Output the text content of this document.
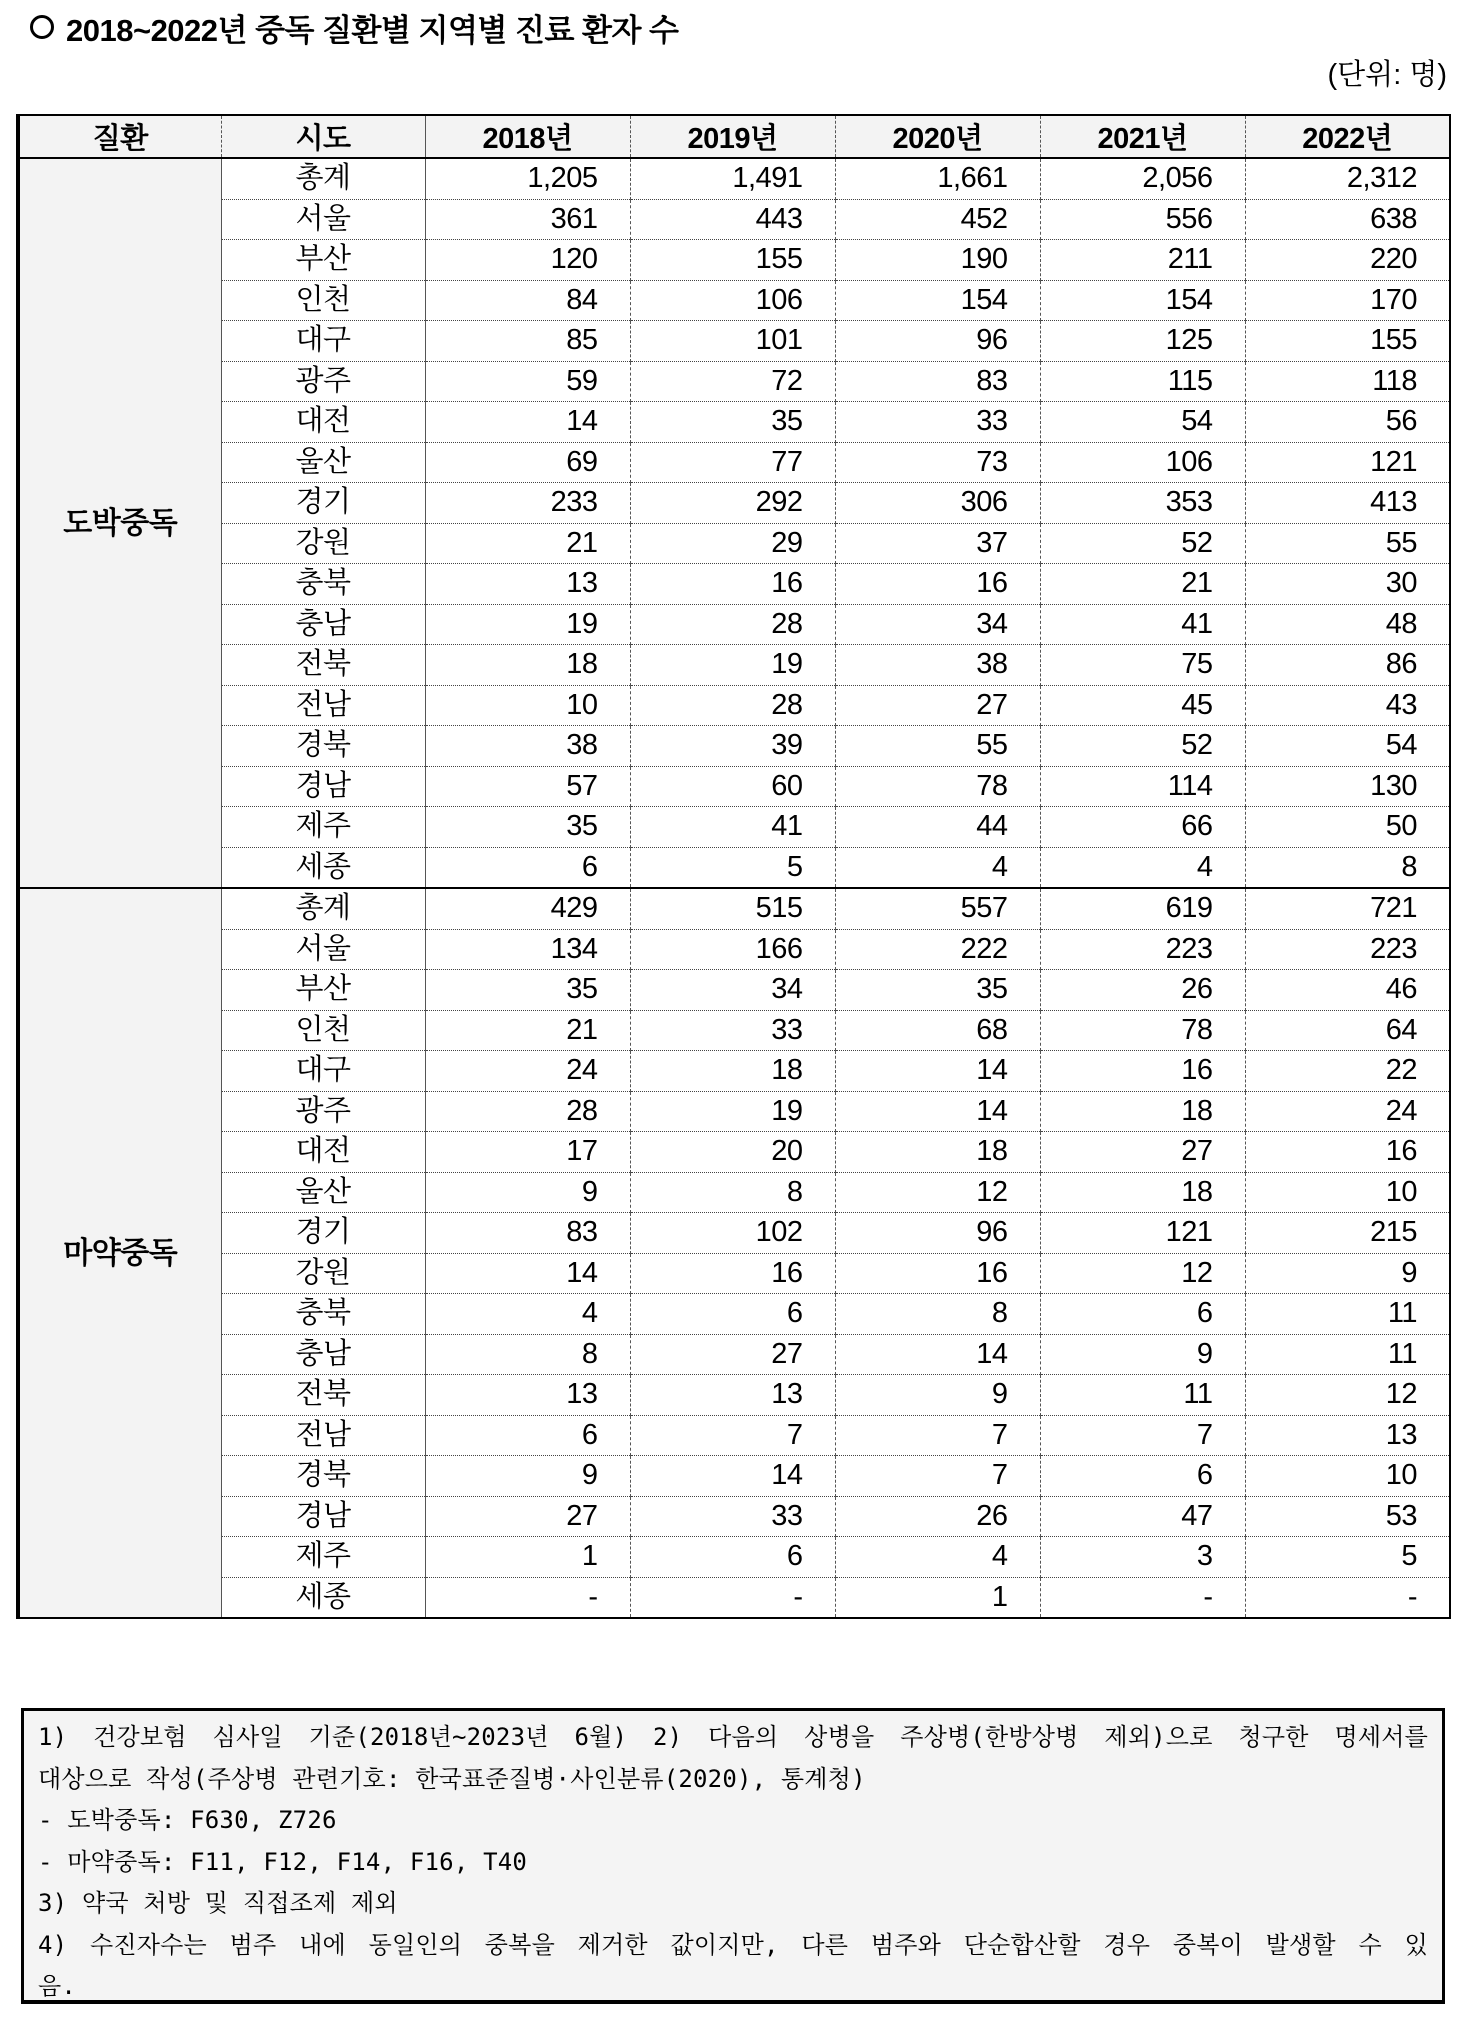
2018~2022년 중독 질환별 지역별 진료 환자 수
(단위: 명)
질환	시도	2018년	2019년	2020년	2021년	2022년
도박중독	총계	1,205	1,491	1,661	2,056	2,312
	서울	361	443	452	556	638
	부산	120	155	190	211	220
	인천	84	106	154	154	170
	대구	85	101	96	125	155
	광주	59	72	83	115	118
	대전	14	35	33	54	56
	울산	69	77	73	106	121
	경기	233	292	306	353	413
	강원	21	29	37	52	55
	충북	13	16	16	21	30
	충남	19	28	34	41	48
	전북	18	19	38	75	86
	전남	10	28	27	45	43
	경북	38	39	55	52	54
	경남	57	60	78	114	130
	제주	35	41	44	66	50
	세종	6	5	4	4	8
마약중독	총계	429	515	557	619	721
	서울	134	166	222	223	223
	부산	35	34	35	26	46
	인천	21	33	68	78	64
	대구	24	18	14	16	22
	광주	28	19	14	18	24
	대전	17	20	18	27	16
	울산	9	8	12	18	10
	경기	83	102	96	121	215
	강원	14	16	16	12	9
	충북	4	6	8	6	11
	충남	8	27	14	9	11
	전북	13	13	9	11	12
	전남	6	7	7	7	13
	경북	9	14	7	6	10
	경남	27	33	26	47	53
	제주	1	6	4	3	5
	세종	-	-	1	-	-
1) 건강보험 심사일 기준(2018년~2023년 6월) 2) 다음의 상병을 주상병(한방상병 제외)으로 청구한 명세서를
대상으로 작성(주상병 관련기호: 한국표준질병·사인분류(2020), 통계청)
- 도박중독: F630, Z726
- 마약중독: F11, F12, F14, F16, T40
3) 약국 처방 및 직접조제 제외
4) 수진자수는 범주 내에 동일인의 중복을 제거한 값이지만, 다른 범주와 단순합산할 경우 중복이 발생할 수 있
음.
